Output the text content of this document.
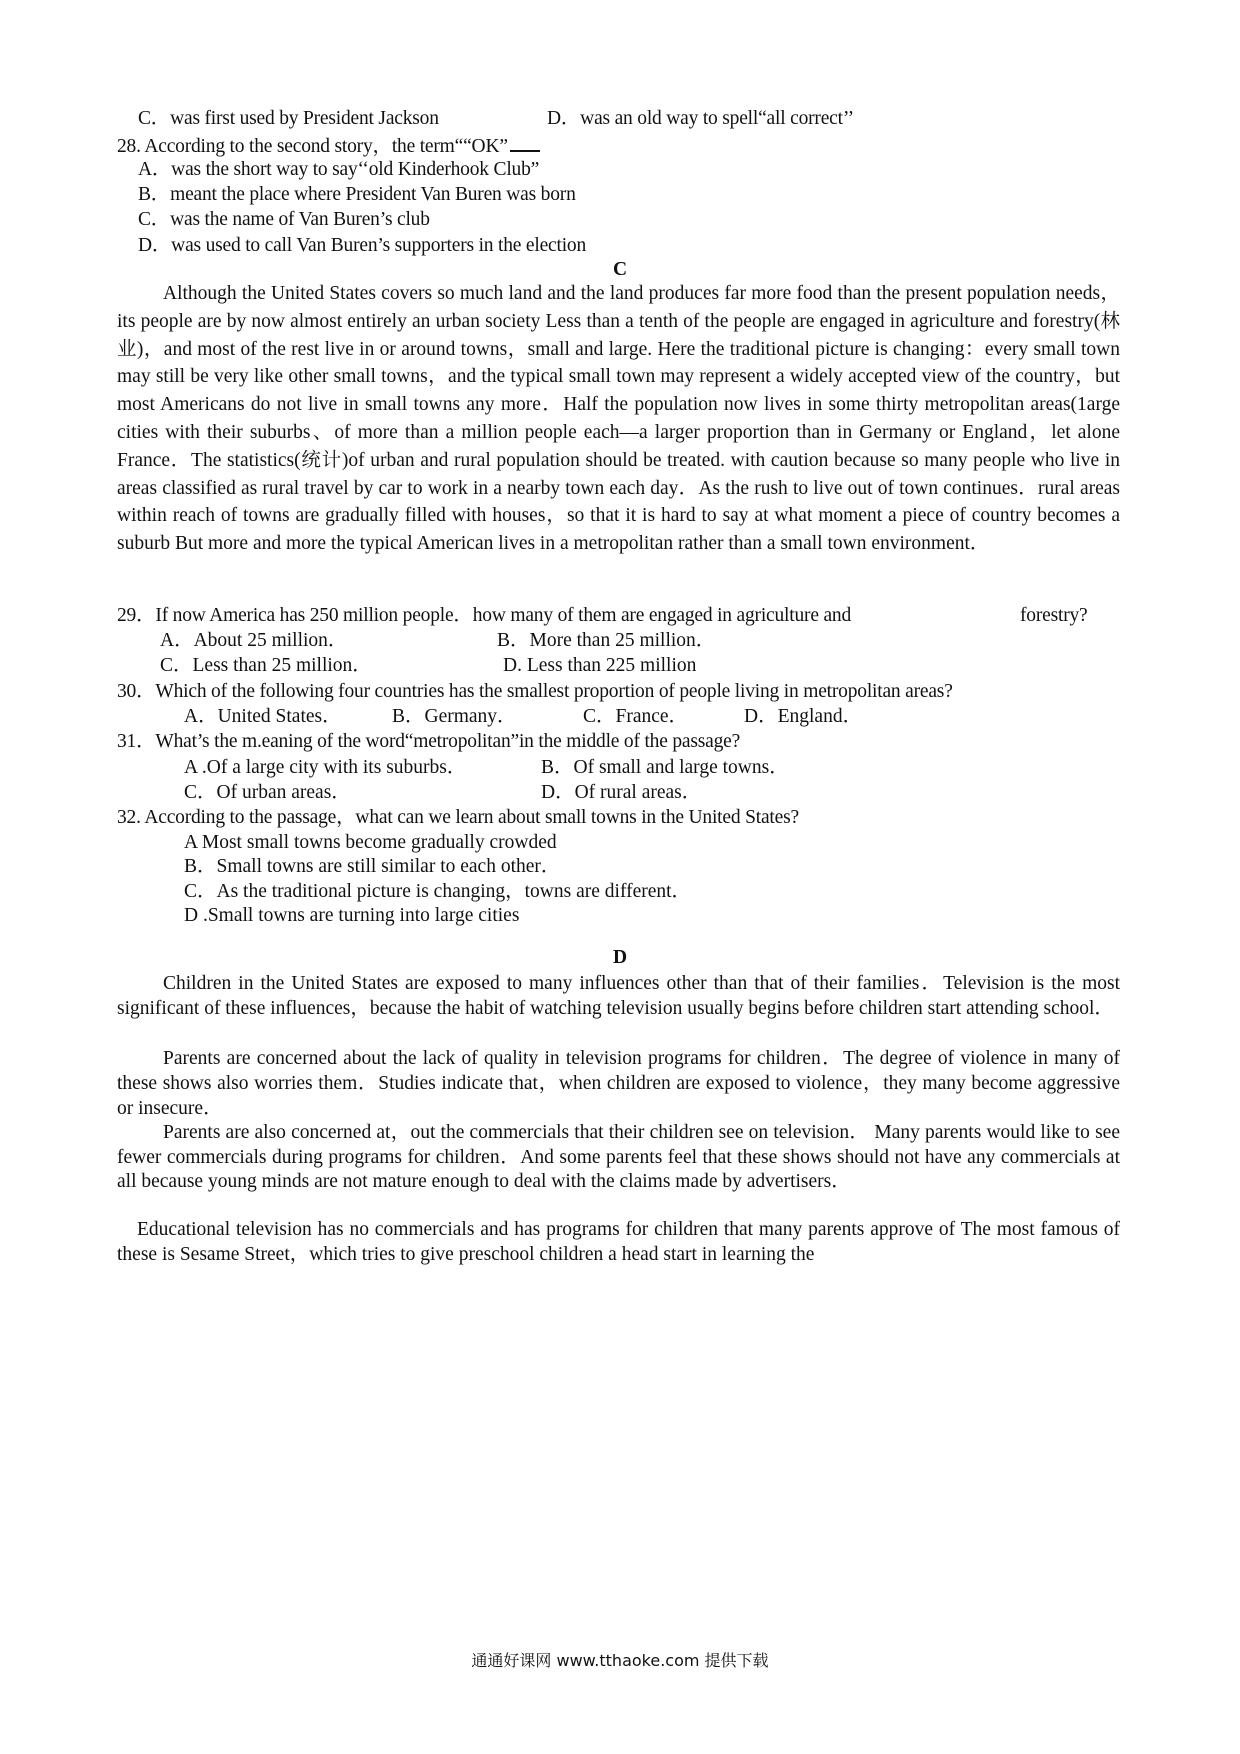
C．was first used by President Jackson	D．was an old way to spell“all correct’’
28. According to the second story，the term““OK”
A．was the short way to say‘‘old Kinderhook Club”
B．meant the place where President Van Buren was born
C．was the name of Van Buren’s club
D．was used to call Van Buren’s supporters in the election
C
Although the United States covers so much land and the land produces far more food than the present population needs，its people are by now almost entirely an urban society Less than a tenth of the people are engaged in agriculture and forestry(林业)，and most of the rest live in or around towns，small and large. Here the traditional picture is changing：every small town may still be very like other small towns，and the typical small town may represent a widely accepted view of the country，but most Americans do not live in small towns any more．Half the population now lives in some thirty metropolitan areas(1arge cities with their suburbs、of more than a million people each—a larger proportion than in Germany or England，let alone France．The statistics(统计)of urban and rural population should be treated. with caution because so many people who live in areas classified as rural travel by car to work in a nearby town each day．As the rush to live out of town continues．rural areas within reach of towns are gradually filled with houses，so that it is hard to say at what moment a piece of country becomes a suburb But more and more the typical American lives in a metropolitan rather than a small town environment．
29．If now America has 250 million people．how many of them are engaged in agriculture and	forestry?
A．About 25 million．	B．More than 25 million．
C．Less than 25 million．	D. Less than 225 million
30．Which of the following four countries has the smallest proportion of people living in metropolitan areas?
A．United States．	B．Germany．	C．France．	D．England．
31．What’s the m.eaning of the word“metropolitan”in the middle of the passage?
A .Of a large city with its suburbs．	B．Of small and large towns．
C．Of urban areas．	D．Of rural areas．
32. According to the passage，what can we learn about small towns in the United States?
A Most small towns become gradually crowded
B．Small towns are still similar to each other．
C．As the traditional picture is changing，towns are different．
D .Small towns are turning into large cities
D
Children in the United States are exposed to many influences other than that of their families．Television is the most significant of these influences，because the habit of watching television usually begins before children start attending school．
Parents are concerned about the lack of quality in television programs for children．The degree of violence in many of these shows also worries them．Studies indicate that，when children are exposed to violence，they many become aggressive or insecure．
Parents are also concerned at，out the commercials that their children see on television． Many parents would like to see fewer commercials during programs for children．And some parents feel that these shows should not have any commercials at all because young minds are not mature enough to deal with the claims made by advertisers．
Educational television has no commercials and has programs for children that many parents approve of The most famous of these is Sesame Street，which tries to give preschool children a head start in learning the
通通好课网 www.tthaoke.com 提供下载
